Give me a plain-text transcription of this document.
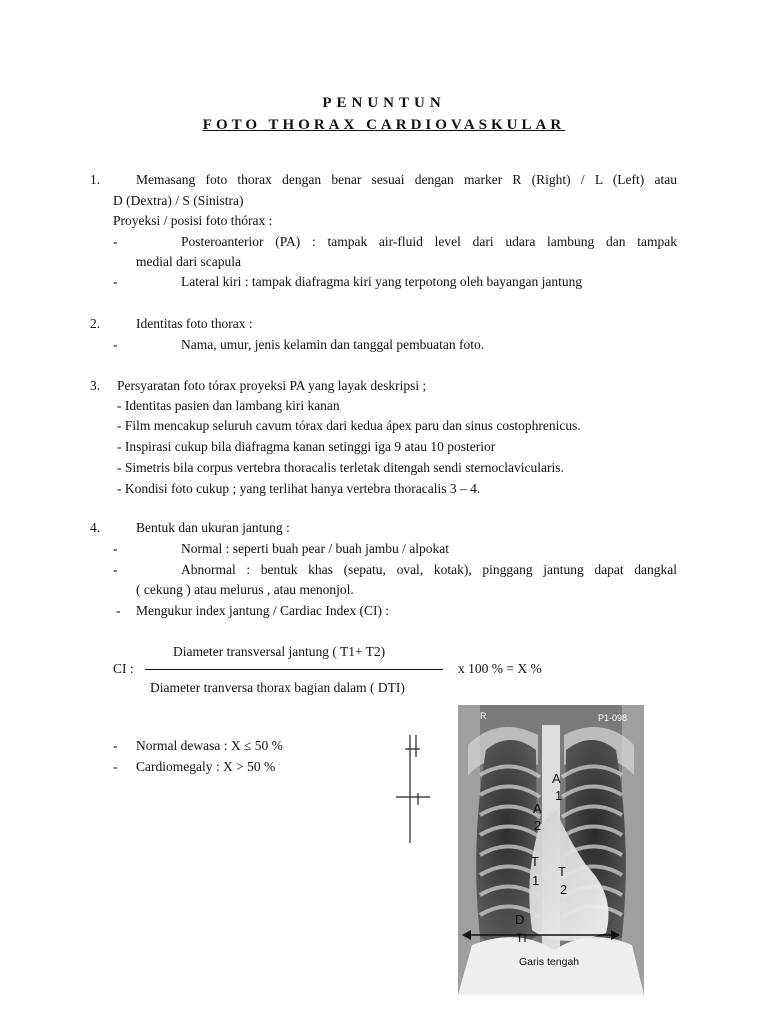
PENUNTUN
FOTO THORAX CARDIOVASKULAR
1.	Memasang foto thorax dengan benar sesuai dengan marker R (Right) / L (Left) atau
D (Dextra) / S (Sinistra)
Proyeksi / posisi foto thórax :
-	Posteroanterior (PA) : tampak air-fluid level dari udara lambung dan tampak
medial dari scapula
-	Lateral kiri : tampak diafragma kiri yang terpotong oleh bayangan jantung
2.	Identitas foto thorax :
-	Nama, umur, jenis kelamin dan tanggal pembuatan foto.
3. Persyaratan foto tórax proyeksi PA yang layak deskripsi ;
- Identitas pasien dan lambang kiri kanan
- Film mencakup seluruh cavum tórax dari kedua ápex paru dan sinus costophrenicus.
- Inspirasi cukup bila diafragma kanan setinggi iga 9 atau 10 posterior
- Simetris bila corpus vertebra thoracalis terletak ditengah sendi sternoclavicularis.
- Kondisi foto cukup ; yang terlihat hanya vertebra thoracalis 3 – 4.
4.	Bentuk dan ukuran jantung :
-	Normal : seperti buah pear / buah jambu / alpokat
-	Abnormal : bentuk khas (sepatu, oval, kotak), pinggang jantung dapat dangkal
( cekung ) atau melurus , atau menonjol.
- Mengukur index jantung / Cardiac Index (CI) :
Diameter transversal jantung ( T1+ T2)
CI :	x 100 % = X %
Diameter tranversa thorax bagian dalam ( DTI)
- Normal dewasa : X ≤ 50 %
- Cardiomegaly : X > 50 %
R	P1-098
A
1
A
2
T
1
T
2
D
TI
Garis tengah
